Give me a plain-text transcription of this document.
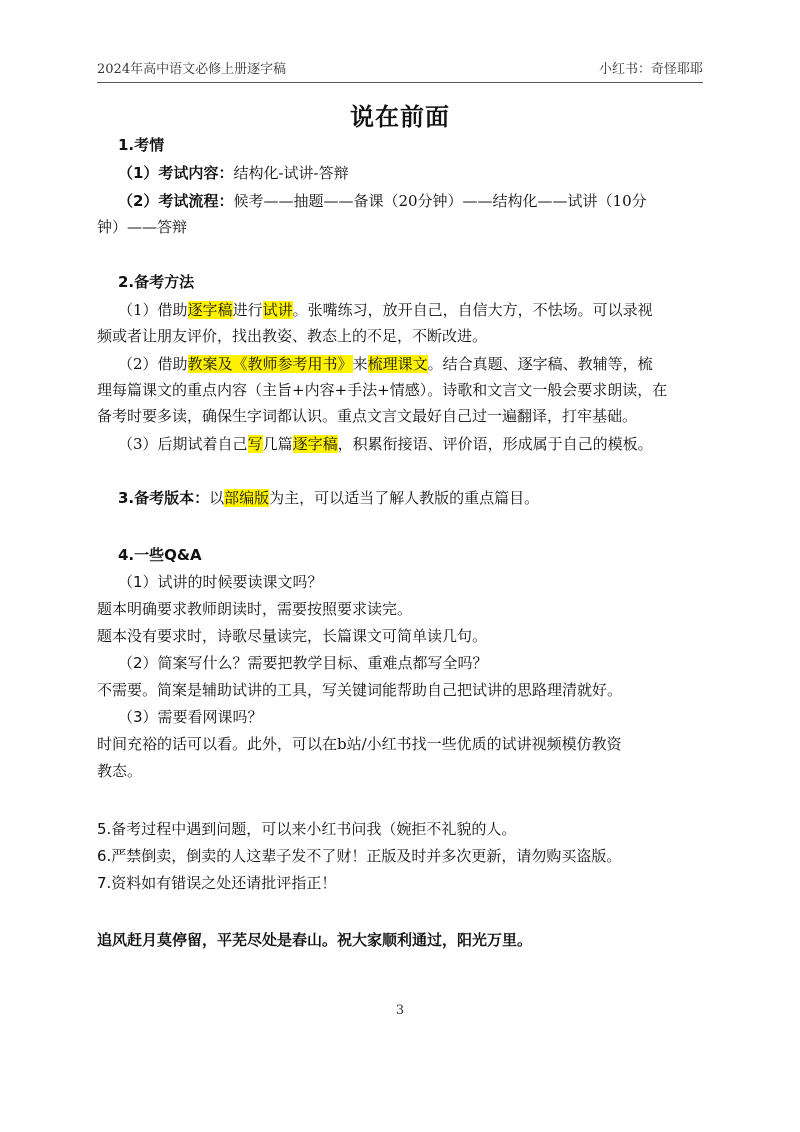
2024年高中语文必修上册逐字稿	小红书：奇怪耶耶
说在前面
1.考情
（1）考试内容：结构化-试讲-答辩
（2）考试流程：候考——抽题——备课（20分钟）——结构化——试讲（10分
钟）——答辩
2.备考方法
（1）借助逐字稿进行试讲。张嘴练习，放开自己，自信大方，不怯场。可以录视
频或者让朋友评价，找出教姿、教态上的不足，不断改进。
（2）借助教案及《教师参考用书》来梳理课文。结合真题、逐字稿、教辅等，梳
理每篇课文的重点内容（主旨+内容+手法+情感）。诗歌和文言文一般会要求朗读，在
备考时要多读，确保生字词都认识。重点文言文最好自己过一遍翻译，打牢基础。
（3）后期试着自己写几篇逐字稿，积累衔接语、评价语，形成属于自己的模板。
3.备考版本：以部编版为主，可以适当了解人教版的重点篇目。
4.一些Q&A
（1）试讲的时候要读课文吗？
题本明确要求教师朗读时，需要按照要求读完。
题本没有要求时，诗歌尽量读完，长篇课文可简单读几句。
（2）简案写什么？需要把教学目标、重难点都写全吗？
不需要。简案是辅助试讲的工具，写关键词能帮助自己把试讲的思路理清就好。
（3）需要看网课吗？
时间充裕的话可以看。此外，可以在b站/小红书找一些优质的试讲视频模仿教资
教态。
5.备考过程中遇到问题，可以来小红书问我（婉拒不礼貌的人。
6.严禁倒卖，倒卖的人这辈子发不了财！正版及时并多次更新，请勿购买盗版。
7.资料如有错误之处还请批评指正！
追风赶月莫停留，平芜尽处是春山。祝大家顺利通过，阳光万里。
3
